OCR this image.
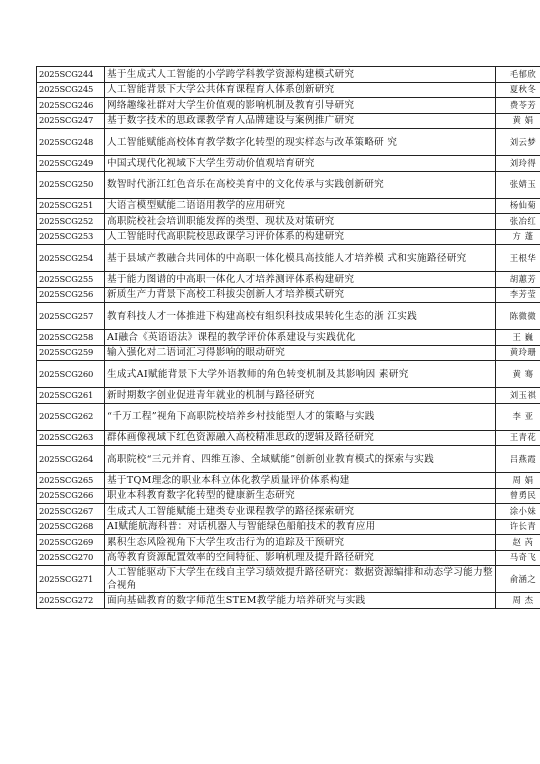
2025SCG244	基于生成式人工智能的小学跨学科教学资源构建模式研究	毛郁欣
2025SCG245	人工智能背景下大学公共体育课程育人体系创新研究	夏秋冬
2025SCG246	网络趣缘社群对大学生价值观的影响机制及教育引导研究	费苓芳
2025SCG247	基于数字技术的思政课教学育人品牌建设与案例推广研究	黄 娟
2025SCG248	人工智能赋能高校体育教学数字化转型的现实样态与改革策略研 究	刘云梦
2025SCG249	中国式现代化视域下大学生劳动价值观培育研究	刘玲得
2025SCG250	数智时代浙江红色音乐在高校美育中的文化传承与实践创新研究	张婧玉
2025SCG251	大语言模型赋能二语语用教学的应用研究	杨仙菊
2025SCG252	高职院校社会培训职能发挥的类型、现状及对策研究	张冶红
2025SCG253	人工智能时代高职院校思政课学习评价体系的构建研究	方 蓬
2025SCG254	基于县域产教融合共同体的中高职一体化模具高技能人才培养模 式和实施路径研究	王根华
2025SCG255	基于能力图谱的中高职一体化人才培养测评体系构建研究	胡蕙芳
2025SCG256	新质生产力背景下高校工科拔尖创新人才培养模式研究	李芳莹
2025SCG257	教育科技人才一体推进下构建高校有组织科技成果转化生态的浙 江实践	陈微微
2025SCG258	AI融合《英语语法》课程的教学评价体系建设与实践优化	王 巍
2025SCG259	输入强化对二语词汇习得影响的眼动研究	黄玲珊
2025SCG260	生成式AI赋能背景下大学外语教师的角色转变机制及其影响因 素研究	黄 骞
2025SCG261	新时期数字创业促进青年就业的机制与路径研究	刘玉祺
2025SCG262	“千万工程”视角下高职院校培养乡村技能型人才的策略与实践	李 亚
2025SCG263	群体画像视域下红色资源融入高校精准思政的逻辑及路径研究	王青花
2025SCG264	高职院校“三元并育、四维互渗、全域赋能”创新创业教育模式的探索与实践	吕燕霞
2025SCG265	基于TQM理念的职业本科立体化教学质量评价体系构建	周 娟
2025SCG266	职业本科教育数字化转型的健康新生态研究	曾勇民
2025SCG267	生成式人工智能赋能土建类专业课程教学的路径探索研究	涂小妹
2025SCG268	AI赋能航海科普：对话机器人与智能绿色船舶技术的教育应用	许长青
2025SCG269	累积生态风险视角下大学生攻击行为的追踪及干预研究	赵 芮
2025SCG270	高等教育资源配置效率的空间特征、影响机理及提升路径研究	马奇飞
2025SCG271	人工智能驱动下大学生在线自主学习绩效提升路径研究：数据资源编排和动态学习能力整合视角	俞涵之
2025SCG272	面向基础教育的数字师范生STEM教学能力培养研究与实践	周 杰
